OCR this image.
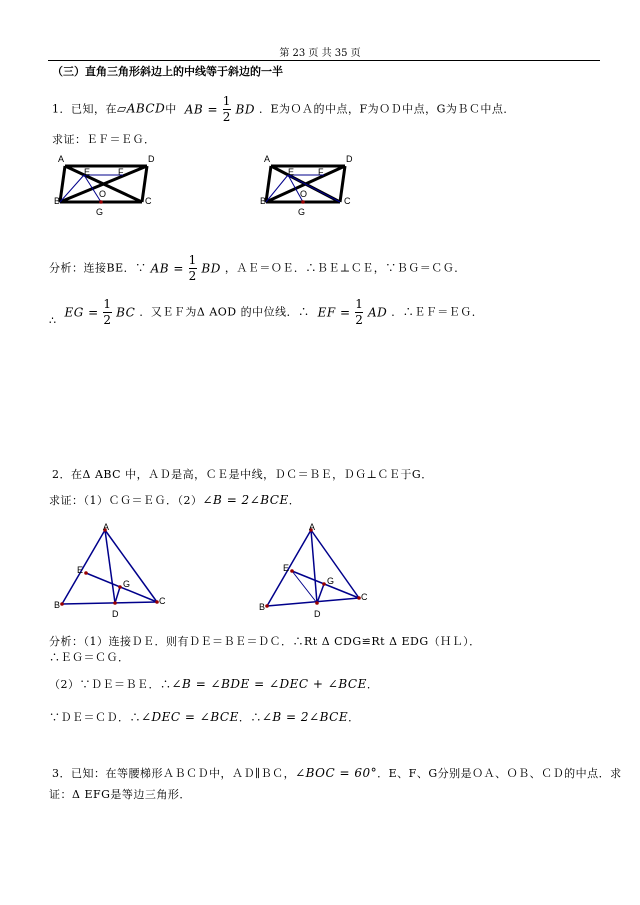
第 23 页 共 35 页
（三）直角三角形斜边上的中线等于斜边的一半
1．已知，在▱ABCD中 AB = $\frac{1}{2}$ BD ．E为ＯＡ的中点，F为ＯＤ中点，G为ＢＣ中点．
求证：ＥＦ＝ＥＧ．
A	D
E	F
O
B
G
C
A	D
E	F
O
B
G
C
分析：连接BE．∵ AB = $\frac{1}{2}$ BD ，ＡＥ＝ＯＥ．∴ＢＥ⊥ＣＥ，∵ＢＧ＝ＣＧ．
∴ EG = $\frac{1}{2}$ BC ．又ＥＦ为Δ AOD 的中位线．∴ EF = $\frac{1}{2}$ AD ．∴ＥＦ＝ＥＧ．
2．在Δ ABC 中，ＡＤ是高，ＣＥ是中线，ＤＣ＝ＢＥ，ＤＧ⊥ＣＥ于G．
求证：（1）ＣＧ＝ＥＧ．（2）∠B = 2∠BCE．
A
E
G
B
D
C
A
E
G
B
D
C
分析：（1）连接ＤＥ．则有ＤＥ＝ＢＥ＝ＤＣ．∴Rt Δ CDG≌Rt Δ EDG（ＨＬ）．
∴ＥＧ＝ＣＧ．
（2）∵ＤＥ＝ＢＥ．∴∠B = ∠BDE = ∠DEC + ∠BCE．
∵ＤＥ＝ＣＤ．∴∠DEC = ∠BCE．∴∠B = 2∠BCE．
3．已知：在等腰梯形ＡＢＣＤ中，ＡＤ∥ＢＣ，∠BOC = 60°．E、F、G分别是ＯＡ、ＯＢ、ＣＤ的中点．求
证：Δ EFG是等边三角形．
